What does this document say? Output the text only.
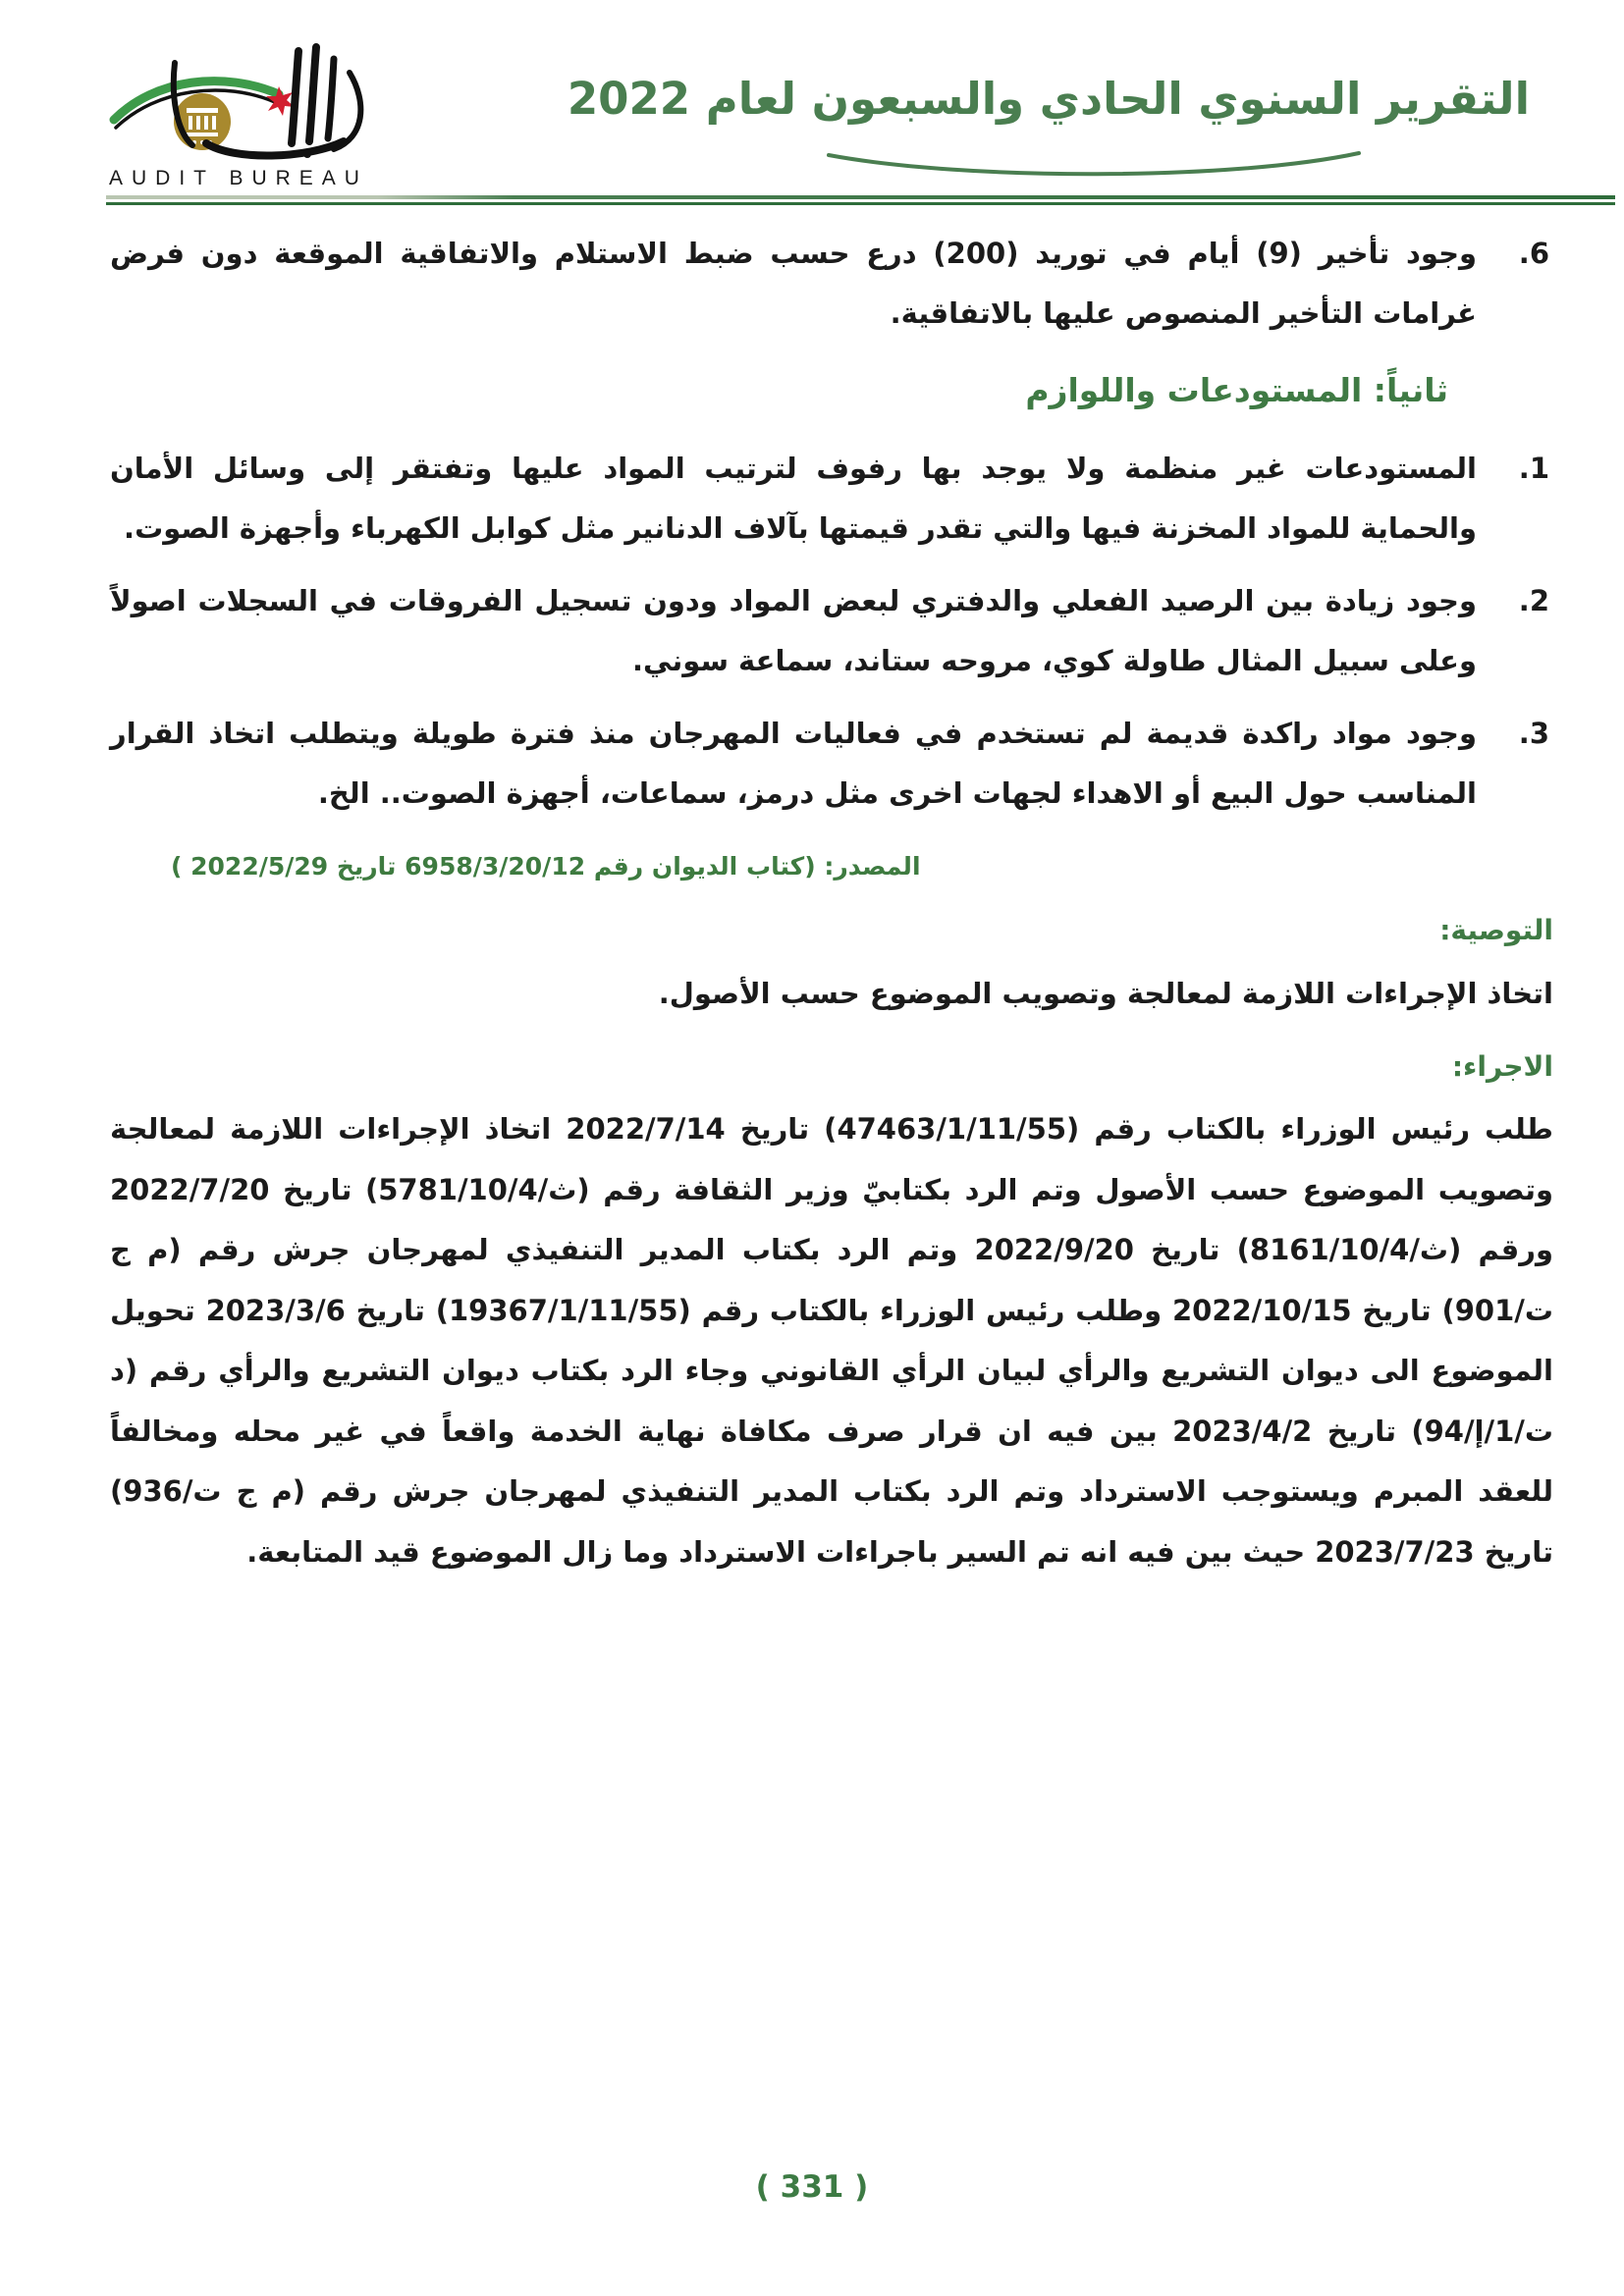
AUDIT BUREAU
التقرير السنوي الحادي والسبعون لعام 2022
6.
وجود تأخير (9) أيام في توريد (200) درع حسب ضبط الاستلام والاتفاقية الموقعة دون فرض غرامات التأخير المنصوص عليها بالاتفاقية.
ثانياً: المستودعات واللوازم
1.
المستودعات غير منظمة ولا يوجد بها رفوف لترتيب المواد عليها وتفتقر إلى وسائل الأمان والحماية للمواد المخزنة فيها والتي تقدر قيمتها بآلاف الدنانير مثل كوابل الكهرباء وأجهزة الصوت.
2.
وجود زيادة بين الرصيد الفعلي والدفتري لبعض المواد ودون تسجيل الفروقات في السجلات اصولاً وعلى سبيل المثال طاولة كوي، مروحه ستاند، سماعة سوني.
3.
وجود مواد راكدة قديمة لم تستخدم في فعاليات المهرجان منذ فترة طويلة ويتطلب اتخاذ القرار المناسب حول البيع أو الاهداء لجهات اخرى مثل درمز، سماعات، أجهزة الصوت.. الخ.
المصدر: (كتاب الديوان رقم 6958/3/20/12 تاريخ 2022/5/29 )
التوصية:
اتخاذ الإجراءات اللازمة لمعالجة وتصويب الموضوع حسب الأصول.
الاجراء:
طلب رئيس الوزراء بالكتاب رقم (47463/1/11/55) تاريخ 2022/7/14 اتخاذ الإجراءات اللازمة لمعالجة وتصويب الموضوع حسب الأصول وتم الرد بكتابيّ وزير الثقافة رقم (ث/5781/10/4) تاريخ 2022/7/20 ورقم (ث/8161/10/4) تاريخ 2022/9/20 وتم الرد بكتاب المدير التنفيذي لمهرجان جرش رقم (م ج ت/901) تاريخ 2022/10/15 وطلب رئيس الوزراء بالكتاب رقم (19367/1/11/55) تاريخ 2023/3/6 تحويل الموضوع الى ديوان التشريع والرأي لبيان الرأي القانوني وجاء الرد بكتاب ديوان التشريع والرأي رقم (د ت/1/إ/94) تاريخ 2023/4/2 بين فيه ان قرار صرف مكافاة نهاية الخدمة واقعاً في غير محله ومخالفاً للعقد المبرم ويستوجب الاسترداد وتم الرد بكتاب المدير التنفيذي لمهرجان جرش رقم (م ج ت/936) تاريخ 2023/7/23 حيث بين فيه انه تم السير باجراءات الاسترداد وما زال الموضوع قيد المتابعة.
( 331 )
